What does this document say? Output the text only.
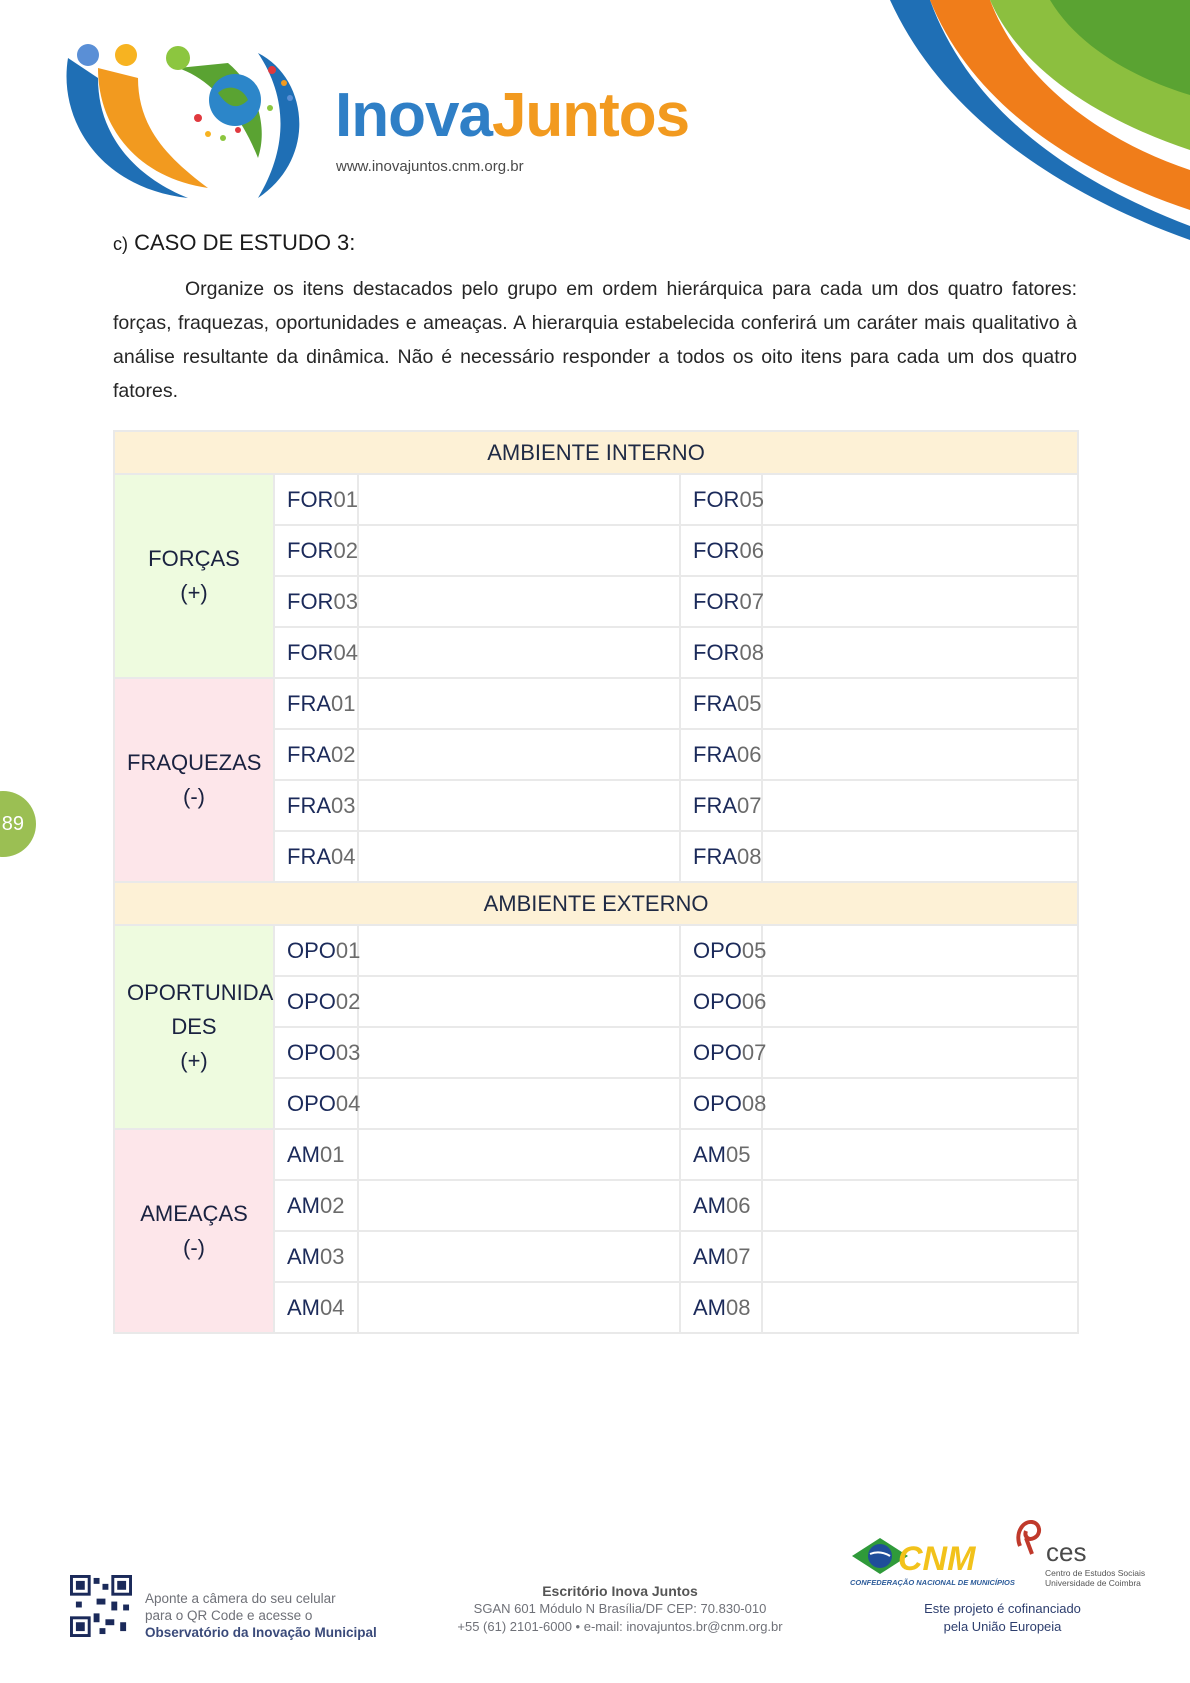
InovaJuntos
www.inovajuntos.cnm.org.br
89
c) CASO DE ESTUDO 3:
Organize os itens destacados pelo grupo em ordem hierárquica para cada um dos quatro fatores: forças, fraquezas, oportunidades e ameaças. A hierarquia estabelecida conferirá um caráter mais qualitativo à análise resultante da dinâmica. Não é necessário responder a todos os oito itens para cada um dos quatro fatores.
AMBIENTE INTERNO				

FORÇAS
(+)	FOR01		FOR05	
	FOR02		FOR06	
	FOR03		FOR07	
	FOR04		FOR08	

FRAQUEZAS
(-)	FRA01		FRA05	
	FRA02		FRA06	
	FRA03		FRA07	
	FRA04		FRA08	
AMBIENTE EXTERNO				

OPORTUNIDA
DES
(+)	OPO01		OPO05	
	OPO02		OPO06	
	OPO03		OPO07	
	OPO04		OPO08	

AMEAÇAS
(-)	AM01		AM05	
	AM02		AM06	
	AM03		AM07	
	AM04		AM08	
Aponte a câmera do seu celular
para o QR Code e acesse o
Observatório da Inovação Municipal
Escritório Inova Juntos
SGAN 601 Módulo N Brasília/DF CEP: 70.830-010
+55 (61) 2101-6000 • e-mail: inovajuntos.br@cnm.org.br
CNM
CONFEDERAÇÃO NACIONAL DE MUNICÍPIOS
ces
Centro de Estudos Sociais
Universidade de Coimbra
Este projeto é cofinanciado
pela União Europeia
